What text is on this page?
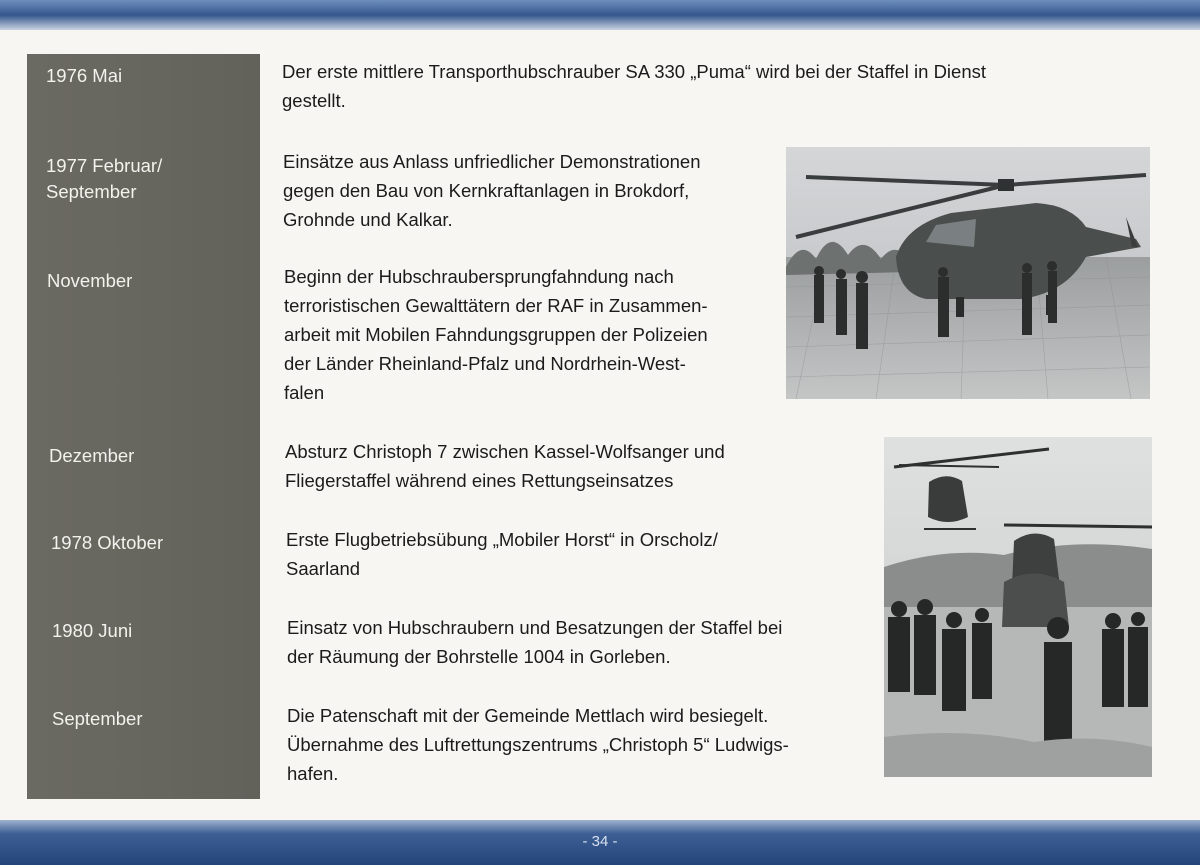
1976 Mai
1977 Februar/
September
November
Dezember
1978 Oktober
1980 Juni
September
Der erste mittlere Transporthubschrauber SA 330 „Puma“ wird bei der Staffel in Dienst
gestellt.
Einsätze aus Anlass unfriedlicher Demonstrationen
gegen den Bau von Kernkraftanlagen in Brokdorf,
Grohnde und Kalkar.
Beginn der Hubschraubersprungfahndung nach
terroristischen Gewalttätern der RAF in Zusammen-
arbeit mit Mobilen Fahndungsgruppen der Polizeien
der Länder Rheinland-Pfalz und Nordrhein-West-
falen
Absturz Christoph 7 zwischen Kassel-Wolfsanger und
Fliegerstaffel während eines Rettungseinsatzes
Erste Flugbetriebsübung „Mobiler Horst“ in Orscholz/
Saarland
Einsatz von Hubschraubern und Besatzungen der Staffel bei
der Räumung der Bohrstelle 1004 in Gorleben.
Die Patenschaft mit der Gemeinde Mettlach wird besiegelt.
Übernahme des Luftrettungszentrums „Christoph 5“ Ludwigs-
hafen.
- 34 -
